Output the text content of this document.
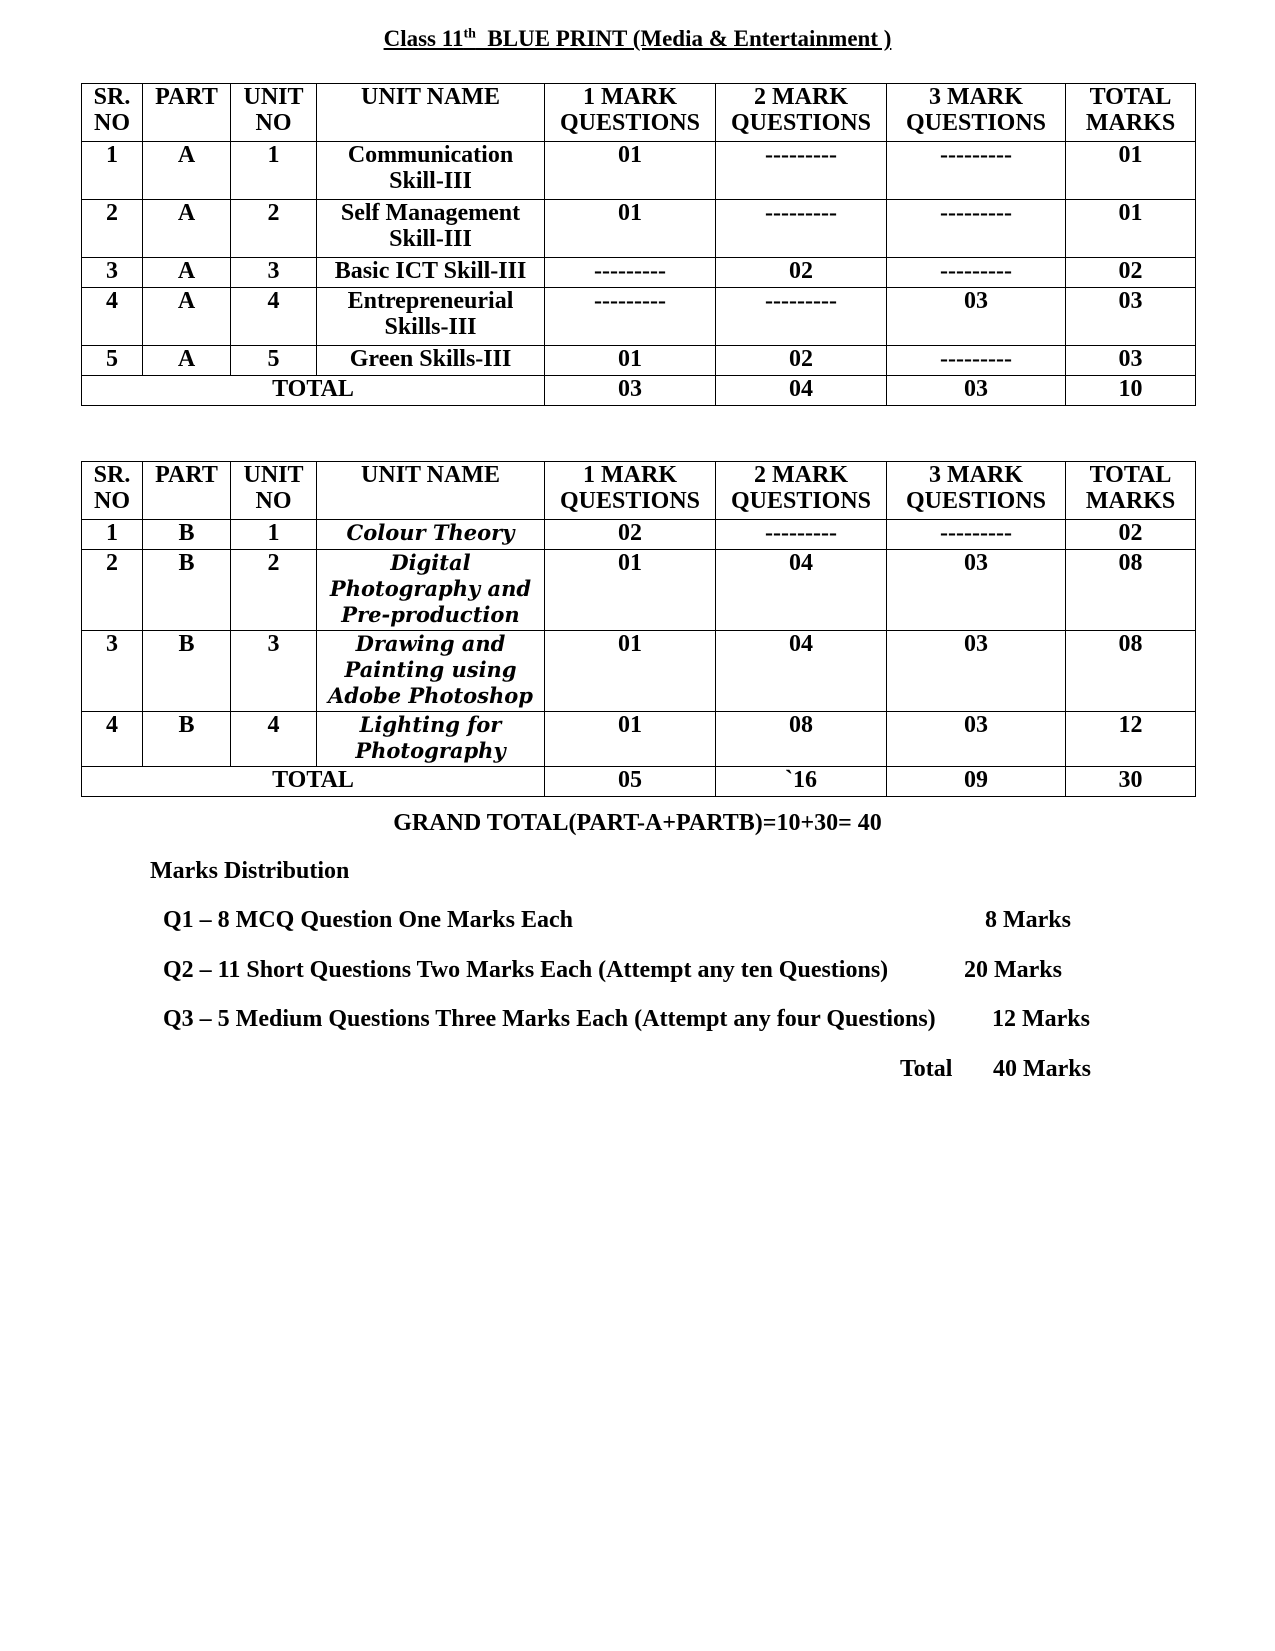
Class 11th  BLUE PRINT (Media & Entertainment )
SR. NO	PART	UNIT NO	UNIT NAME	1 MARK QUESTIONS	2 MARK QUESTIONS	3 MARK QUESTIONS	TOTAL MARKS
1	A	1	Communication Skill-III	01	---------	---------	01
2	A	2	Self Management Skill-III	01	---------	---------	01
3	A	3	Basic ICT Skill-III	---------	02	---------	02
4	A	4	Entrepreneurial Skills-III	---------	---------	03	03
5	A	5	Green Skills-III	01	02	---------	03
TOTAL				03	04	03	10
SR. NO	PART	UNIT NO	UNIT NAME	1 MARK QUESTIONS	2 MARK QUESTIONS	3 MARK QUESTIONS	TOTAL MARKS
1	B	1	Colour Theory	02	---------	---------	02
2	B	2	Digital Photography and Pre-production	01	04	03	08
3	B	3	Drawing and Painting using Adobe Photoshop	01	04	03	08
4	B	4	Lighting for Photography	01	08	03	12
TOTAL				05	`16	09	30
GRAND TOTAL(PART-A+PARTB)=10+30= 40
Marks Distribution
Q1 – 8 MCQ Question One Marks Each	8 Marks
Q2 – 11 Short Questions Two Marks Each (Attempt any ten Questions)	20 Marks
Q3 – 5 Medium Questions Three Marks Each (Attempt any four Questions) 12 Marks
Total 40 Marks
